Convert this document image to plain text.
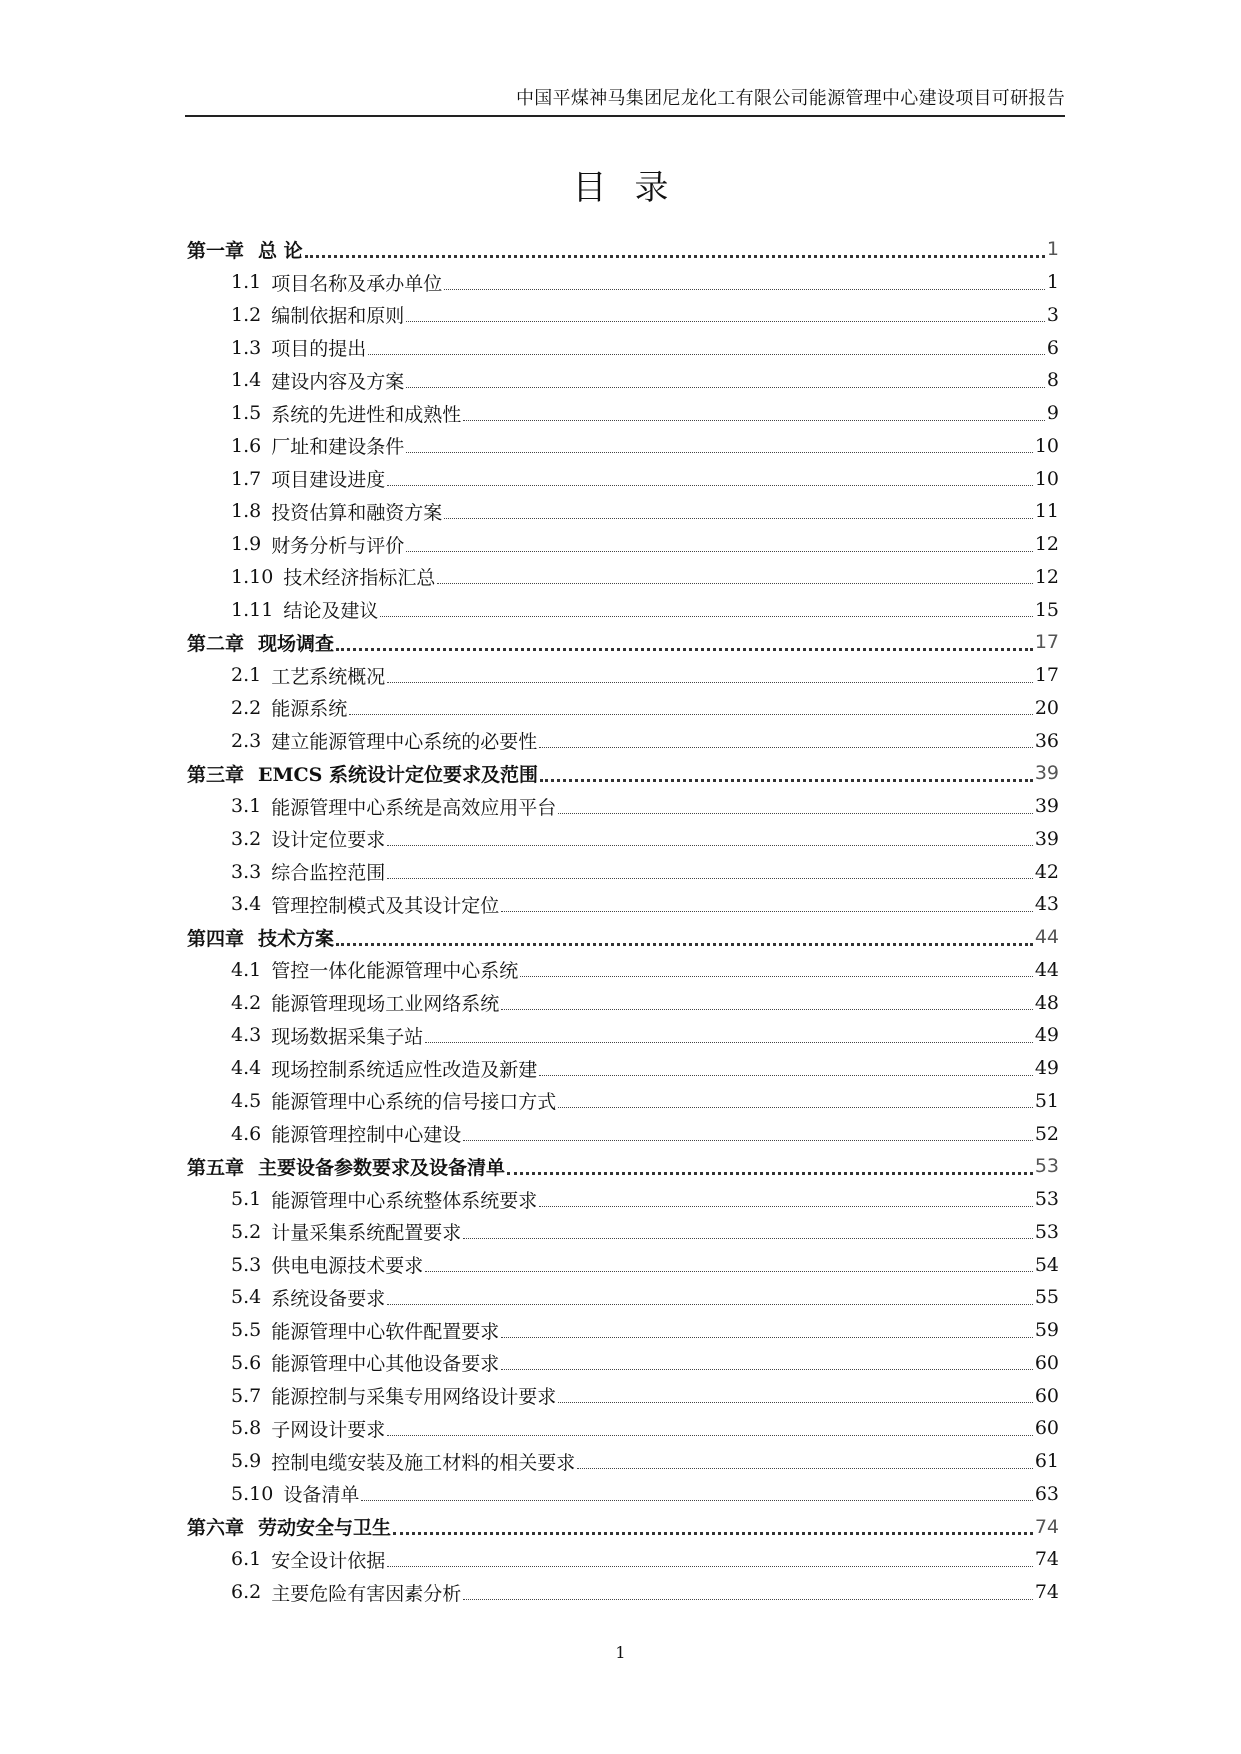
中国平煤神马集团尼龙化工有限公司能源管理中心建设项目可研报告
目 录
第一章 总 论	1
1.1 项目名称及承办单位	1
1.2 编制依据和原则	3
1.3 项目的提出	6
1.4 建设内容及方案	8
1.5 系统的先进性和成熟性	9
1.6 厂址和建设条件	10
1.7 项目建设进度	10
1.8 投资估算和融资方案	11
1.9 财务分析与评价	12
1.10 技术经济指标汇总	12
1.11 结论及建议	15
第二章 现场调查	17
2.1 工艺系统概况	17
2.2 能源系统	20
2.3 建立能源管理中心系统的必要性	36
第三章 EMCS 系统设计定位要求及范围	39
3.1 能源管理中心系统是高效应用平台	39
3.2 设计定位要求	39
3.3 综合监控范围	42
3.4 管理控制模式及其设计定位	43
第四章 技术方案	44
4.1 管控一体化能源管理中心系统	44
4.2 能源管理现场工业网络系统	48
4.3 现场数据采集子站	49
4.4 现场控制系统适应性改造及新建	49
4.5 能源管理中心系统的信号接口方式	51
4.6 能源管理控制中心建设	52
第五章 主要设备参数要求及设备清单	53
5.1 能源管理中心系统整体系统要求	53
5.2 计量采集系统配置要求	53
5.3 供电电源技术要求	54
5.4 系统设备要求	55
5.5 能源管理中心软件配置要求	59
5.6 能源管理中心其他设备要求	60
5.7 能源控制与采集专用网络设计要求	60
5.8 子网设计要求	60
5.9 控制电缆安装及施工材料的相关要求	61
5.10 设备清单	63
第六章 劳动安全与卫生	74
6.1 安全设计依据	74
6.2 主要危险有害因素分析	74
1
